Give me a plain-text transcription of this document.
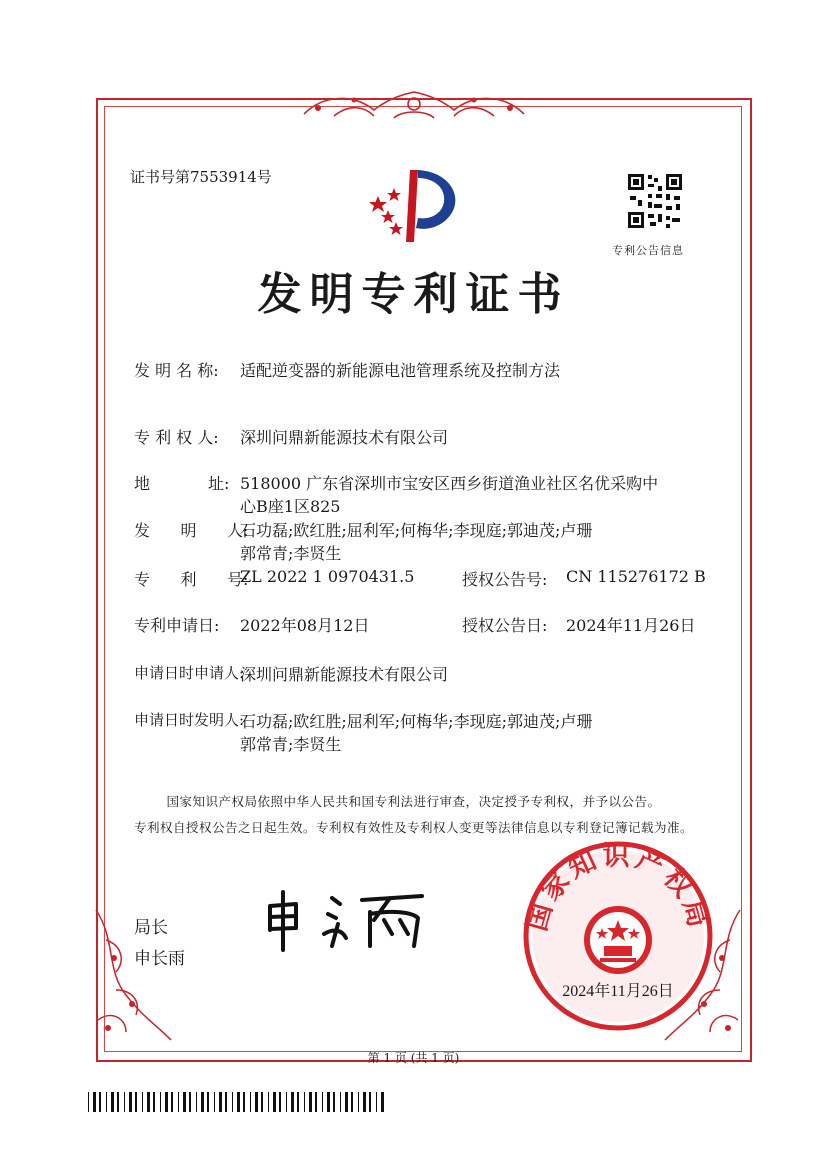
证书号第7553914号
专利公告信息
发明专利证书
发 明 名 称: 适配逆变器的新能源电池管理系统及控制方法
专 利 权 人: 深圳问鼎新能源技术有限公司
地	址: 518000 广东省深圳市宝安区西乡街道渔业社区名优采购中
心B座1区825
发      明      人:
石功磊;欧红胜;屈利军;何梅华;李现庭;郭迪茂;卢珊
郭常青;李贤生
专      利      号:
ZL 2022 1 0970431.5	授权公告号: CN 115276172 B
专利申请日: 2022年08月12日	授权公告日: 2024年11月26日
申请日时申请人:
深圳问鼎新能源技术有限公司
申请日时发明人:
石功磊;欧红胜;屈利军;何梅华;李现庭;郭迪茂;卢珊
郭常青;李贤生
国家知识产权局依照中华人民共和国专利法进行审查，决定授予专利权，并予以公告。
专利权自授权公告之日起生效。专利权有效性及专利权人变更等法律信息以专利登记簿记载为准。
局长
申长雨
国家知识产权局
2024年11月26日
第 1 页 (共 1 页)
